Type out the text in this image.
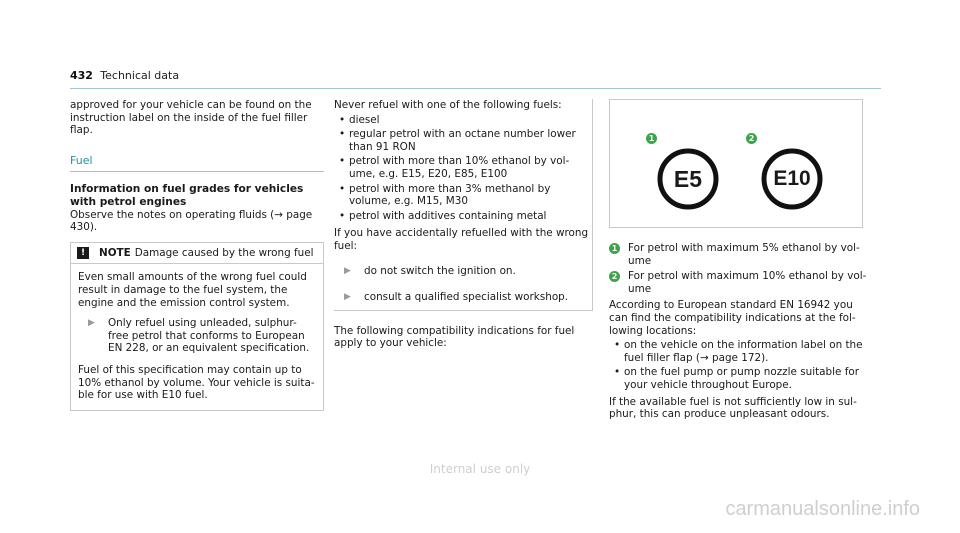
432 Technical data

approved for your vehicle can be found on the instruction label on the inside of the fuel filler flap.

Fuel
Information on fuel grades for vehicles with petrol engines

Observe the notes on operating fluids (→ page 430).

!	NOTE Damage caused by the wrong fuel

Even small amounts of the wrong fuel could result in damage to the fuel system, the engine and the emission control system.

▶	Only refuel using unleaded, sulphur-free petrol that conforms to European EN 228, or an equivalent specification.

Fuel of this specification may contain up to 10% ethanol by volume. Your vehicle is suita- ble for use with E10 fuel.

Never refuel with one of the following fuels:

•
diesel
•
regular petrol with an octane number lower than 91 RON
•
petrol with more than 10% ethanol by vol- ume, e.g. E15, E20, E85, E100
•
petrol with more than 3% methanol by volume, e.g. M15, M30
•
petrol with additives containing metal

If you have accidentally refuelled with the wrong fuel:

▶	do not switch the ignition on.
▶	consult a qualified specialist workshop.

The following compatibility indications for fuel apply to your vehicle:

1	2
E5	E10
1 For petrol with maximum 5% ethanol by vol- ume
2 For petrol with maximum 10% ethanol by vol- ume

According to European standard EN 16942 you can find the compatibility indications at the fol- lowing locations:

•
on the vehicle on the information label on the fuel filler flap (→ page 172).
•
on the fuel pump or pump nozzle suitable for your vehicle throughout Europe.

If the available fuel is not sufficiently low in sul- phur, this can produce unpleasant odours.

Internal use only
carmanualsonline.info
